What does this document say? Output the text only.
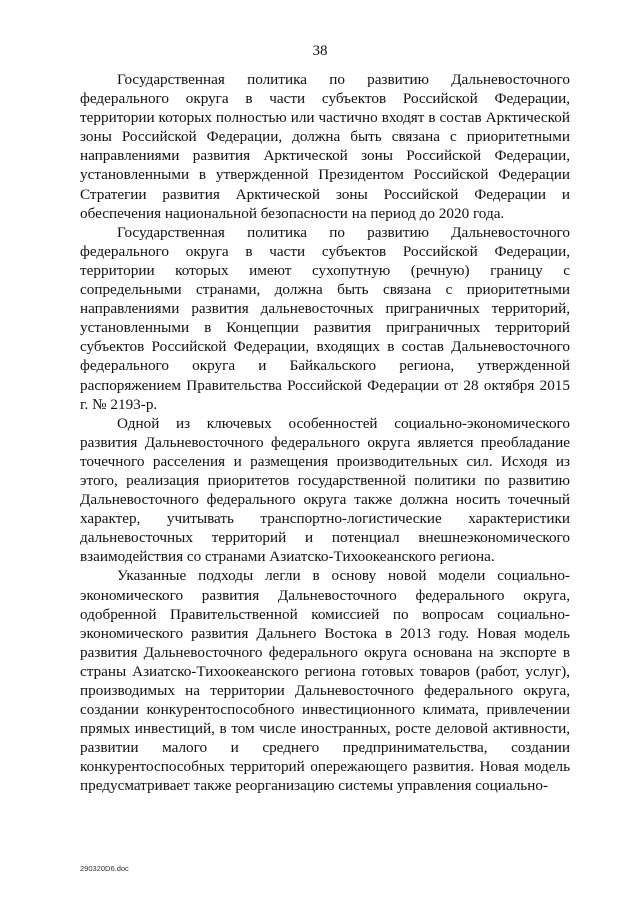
38

Государственная политика по развитию Дальневосточного федерального округа в части субъектов Российской Федерации, территории которых полностью или частично входят в состав Арктической зоны Российской Федерации, должна быть связана с приоритетными направлениями развития Арктической зоны Российской Федерации, установленными в утвержденной Президентом Российской Федерации Стратегии развития Арктической зоны Российской Федерации и обеспечения национальной безопасности на период до 2020 года.

Государственная политика по развитию Дальневосточного федерального округа в части субъектов Российской Федерации, территории которых имеют сухопутную (речную) границу с сопредельными странами, должна быть связана с приоритетными направлениями развития дальневосточных приграничных территорий, установленными в Концепции развития приграничных территорий субъектов Российской Федерации, входящих в состав Дальневосточного федерального округа и Байкальского региона, утвержденной распоряжением Правительства Российской Федерации от 28 октября 2015 г. № 2193-р.

Одной из ключевых особенностей социально-экономического развития Дальневосточного федерального округа является преобладание точечного расселения и размещения производительных сил. Исходя из этого, реализация приоритетов государственной политики по развитию Дальневосточного федерального округа также должна носить точечный характер, учитывать транспортно-логистические характеристики дальневосточных территорий и потенциал внешнеэкономического взаимодействия со странами Азиатско-Тихоокеанского региона.

Указанные подходы легли в основу новой модели социально-экономического развития Дальневосточного федерального округа, одобренной Правительственной комиссией по вопросам социально-экономического развития Дальнего Востока в 2013 году. Новая модель развития Дальневосточного федерального округа основана на экспорте в страны Азиатско-Тихоокеанского региона готовых товаров (работ, услуг), производимых на территории Дальневосточного федерального округа, создании конкурентоспособного инвестиционного климата, привлечении прямых инвестиций, в том числе иностранных, росте деловой активности, развитии малого и среднего предпринимательства, создании конкурентоспособных территорий опережающего развития. Новая модель предусматривает также реорганизацию системы управления социально-

290320D6.doc
